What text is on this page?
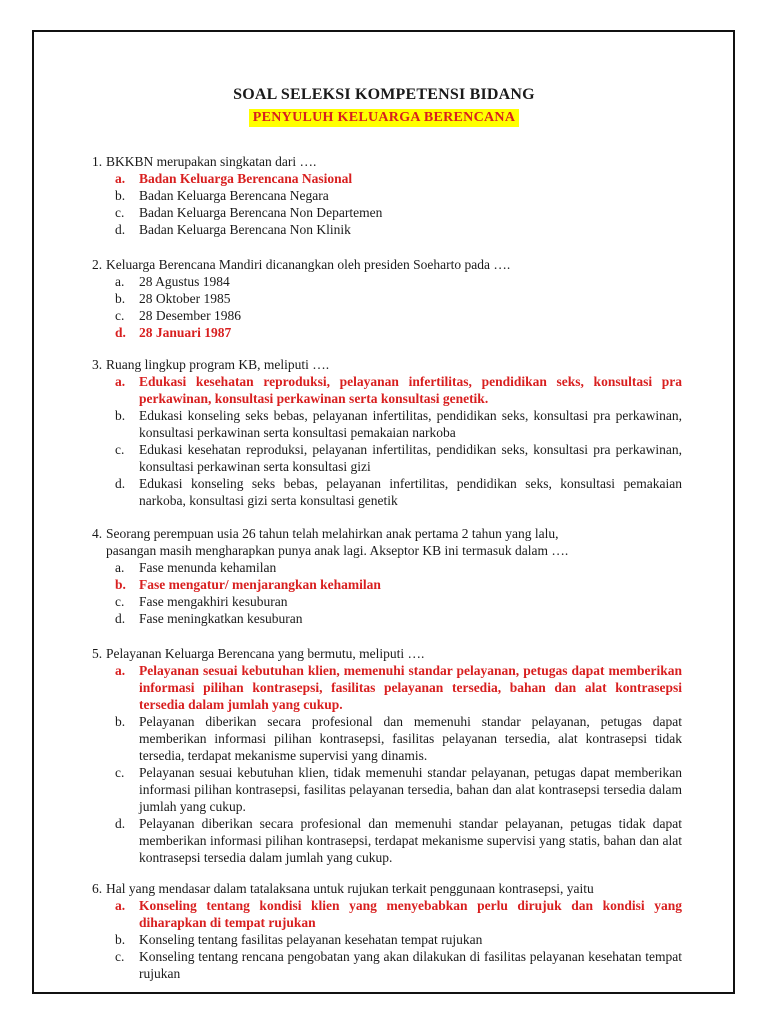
SOAL SELEKSI KOMPETENSI BIDANG
PENYULUH KELUARGA BERENCANA
1. BKKBN merupakan singkatan dari ….
a. Badan Keluarga Berencana Nasional
b. Badan Keluarga Berencana Negara
c. Badan Keluarga Berencana Non Departemen
d. Badan Keluarga Berencana Non Klinik
2. Keluarga Berencana Mandiri dicanangkan oleh presiden Soeharto pada ….
a. 28 Agustus 1984
b. 28 Oktober 1985
c. 28 Desember 1986
d. 28 Januari 1987
3. Ruang lingkup program KB, meliputi ….
a. Edukasi kesehatan reproduksi, pelayanan infertilitas, pendidikan seks, konsultasi pra perkawinan, konsultasi perkawinan serta konsultasi genetik.
b. Edukasi konseling seks bebas, pelayanan infertilitas, pendidikan seks, konsultasi pra perkawinan, konsultasi perkawinan serta konsultasi pemakaian narkoba
c. Edukasi kesehatan reproduksi, pelayanan infertilitas, pendidikan seks, konsultasi pra perkawinan, konsultasi perkawinan serta konsultasi gizi
d. Edukasi konseling seks bebas, pelayanan infertilitas, pendidikan seks, konsultasi pemakaian narkoba, konsultasi gizi serta konsultasi genetik
4. Seorang perempuan usia 26 tahun telah melahirkan anak pertama 2 tahun yang lalu,
pasangan masih mengharapkan punya anak lagi. Akseptor KB ini termasuk dalam ….
a. Fase menunda kehamilan
b. Fase mengatur/ menjarangkan kehamilan
c. Fase mengakhiri kesuburan
d. Fase meningkatkan kesuburan
5. Pelayanan Keluarga Berencana yang bermutu, meliputi ….
a. Pelayanan sesuai kebutuhan klien, memenuhi standar pelayanan, petugas dapat memberikan informasi pilihan kontrasepsi, fasilitas pelayanan tersedia, bahan dan alat kontrasepsi tersedia dalam jumlah yang cukup.
b. Pelayanan diberikan secara profesional dan memenuhi standar pelayanan, petugas dapat memberikan informasi pilihan kontrasepsi, fasilitas pelayanan tersedia, alat kontrasepsi tidak tersedia, terdapat mekanisme supervisi yang dinamis.
c. Pelayanan sesuai kebutuhan klien, tidak memenuhi standar pelayanan, petugas dapat memberikan informasi pilihan kontrasepsi, fasilitas pelayanan tersedia, bahan dan alat kontrasepsi tersedia dalam jumlah yang cukup.
d. Pelayanan diberikan secara profesional dan memenuhi standar pelayanan, petugas tidak dapat memberikan informasi pilihan kontrasepsi, terdapat mekanisme supervisi yang statis, bahan dan alat kontrasepsi tersedia dalam jumlah yang cukup.
6. Hal yang mendasar dalam tatalaksana untuk rujukan terkait penggunaan kontrasepsi, yaitu
a. Konseling tentang kondisi klien yang menyebabkan perlu dirujuk dan kondisi yang diharapkan di tempat rujukan
b. Konseling tentang fasilitas pelayanan kesehatan tempat rujukan
c. Konseling tentang rencana pengobatan yang akan dilakukan di fasilitas pelayanan kesehatan tempat rujukan
